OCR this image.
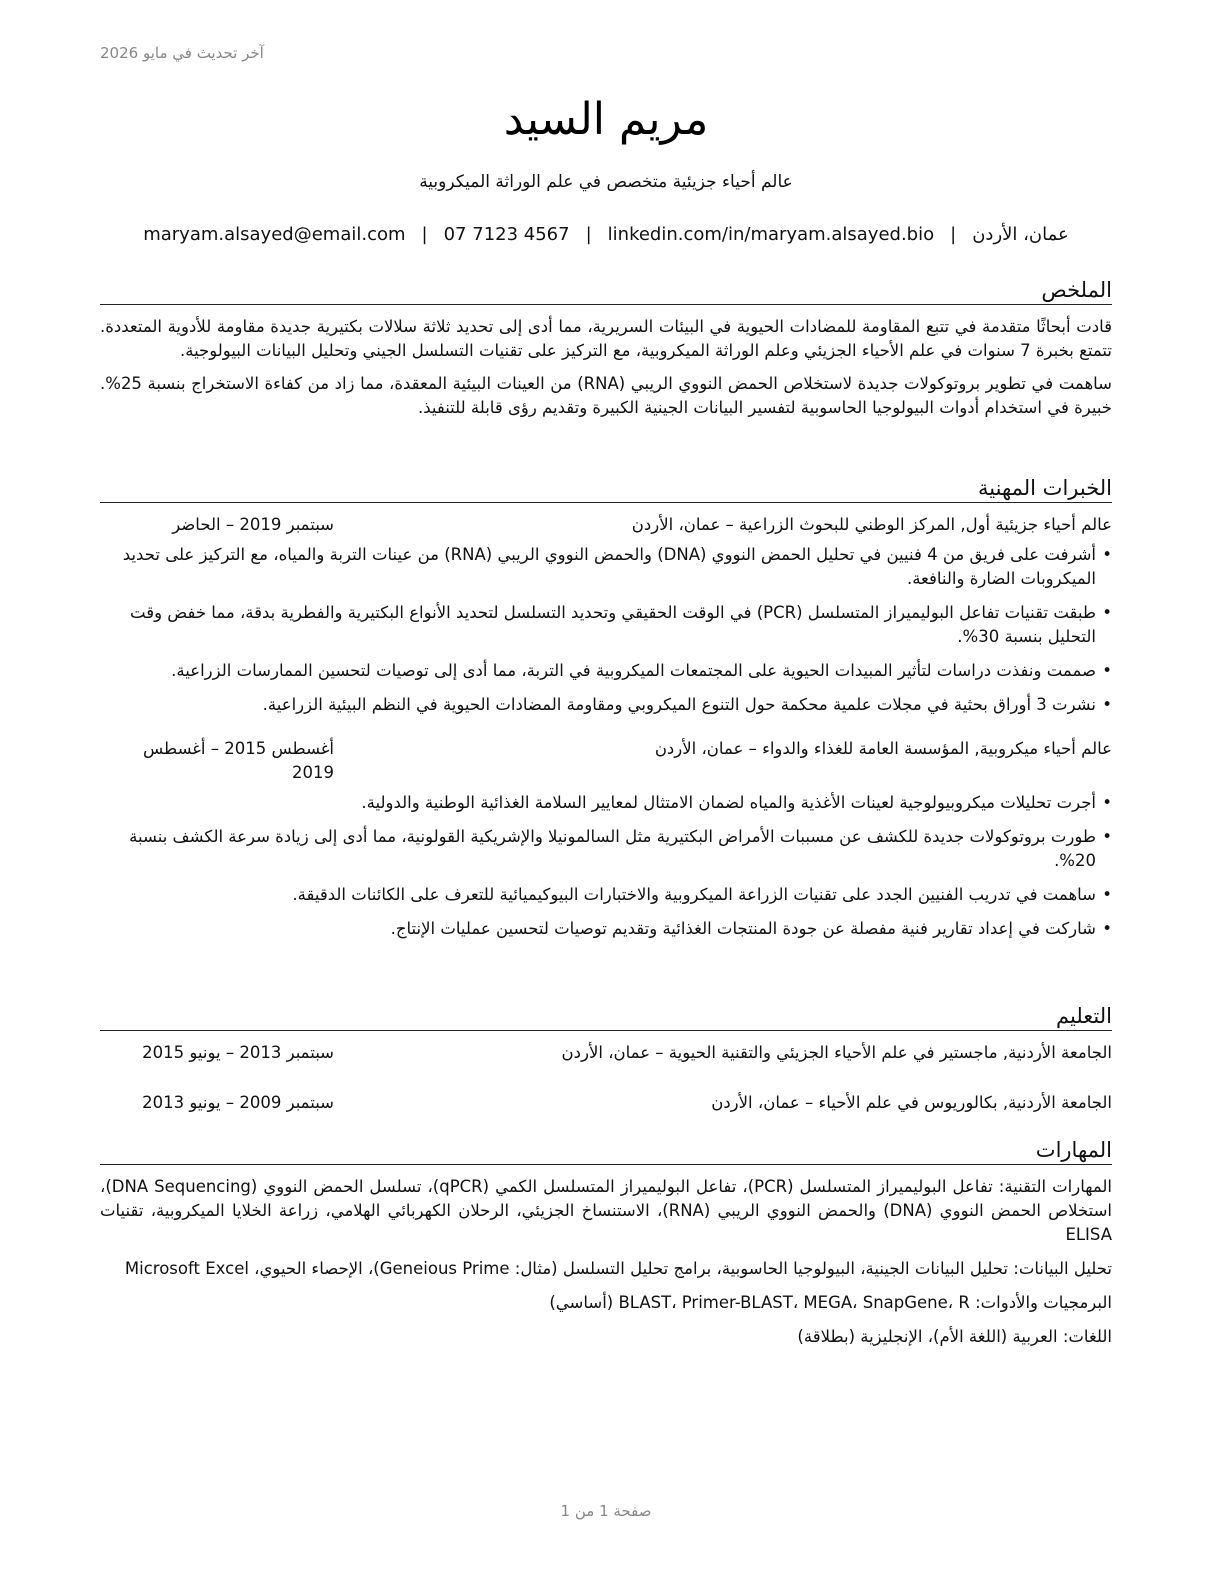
آخر تحديث في مايو 2026
مريم السيد
عالم أحياء جزيئية متخصص في علم الوراثة الميكروبية
عمان، الأردن|maryam.alsayed@email.com | 07 7123 4567 | linkedin.com/in/maryam.alsayed.bio
الملخص

قادت أبحاثًا متقدمة في تتبع المقاومة للمضادات الحيوية في البيئات السريرية، مما أدى إلى تحديد ثلاثة سلالات بكتيرية جديدة مقاومة للأدوية المتعددة. تتمتع بخبرة 7 سنوات في علم الأحياء الجزيئي وعلم الوراثة الميكروبية، مع التركيز على تقنيات التسلسل الجيني وتحليل البيانات البيولوجية.

ساهمت في تطوير بروتوكولات جديدة لاستخلاص الحمض النووي الريبي (RNA) من العينات البيئية المعقدة، مما زاد من كفاءة الاستخراج بنسبة 25%. خبيرة في استخدام أدوات البيولوجيا الحاسوبية لتفسير البيانات الجينية الكبيرة وتقديم رؤى قابلة للتنفيذ.

الخبرات المهنية
عالم أحياء جزيئية أول, المركز الوطني للبحوث الزراعية – عمان، الأردن
سبتمبر 2019 – الحاضر
• أشرفت على فريق من 4 فنيين في تحليل الحمض النووي (DNA) والحمض النووي الريبي (RNA) من عينات التربة والمياه، مع التركيز على تحديد الميكروبات الضارة والنافعة.
• طبقت تقنيات تفاعل البوليميراز المتسلسل (PCR) في الوقت الحقيقي وتحديد التسلسل لتحديد الأنواع البكتيرية والفطرية بدقة، مما خفض وقت التحليل بنسبة 30%.
• صممت ونفذت دراسات لتأثير المبيدات الحيوية على المجتمعات الميكروبية في التربة، مما أدى إلى توصيات لتحسين الممارسات الزراعية.
• نشرت 3 أوراق بحثية في مجلات علمية محكمة حول التنوع الميكروبي ومقاومة المضادات الحيوية في النظم البيئية الزراعية.
عالم أحياء ميكروبية, المؤسسة العامة للغذاء والدواء – عمان، الأردن
أغسطس 2015 – أغسطس 2019
• أجرت تحليلات ميكروبيولوجية لعينات الأغذية والمياه لضمان الامتثال لمعايير السلامة الغذائية الوطنية والدولية.
• طورت بروتوكولات جديدة للكشف عن مسببات الأمراض البكتيرية مثل السالمونيلا والإشريكية القولونية، مما أدى إلى زيادة سرعة الكشف بنسبة 20%.
• ساهمت في تدريب الفنيين الجدد على تقنيات الزراعة الميكروبية والاختبارات البيوكيميائية للتعرف على الكائنات الدقيقة.
• شاركت في إعداد تقارير فنية مفصلة عن جودة المنتجات الغذائية وتقديم توصيات لتحسين عمليات الإنتاج.
التعليم
الجامعة الأردنية, ماجستير في علم الأحياء الجزيئي والتقنية الحيوية – عمان، الأردن
سبتمبر 2013 – يونيو 2015
الجامعة الأردنية, بكالوريوس في علم الأحياء – عمان، الأردن
سبتمبر 2009 – يونيو 2013
المهارات

المهارات التقنية: تفاعل البوليميراز المتسلسل (PCR)، تفاعل البوليميراز المتسلسل الكمي (qPCR)، تسلسل الحمض النووي (DNA Sequencing)، استخلاص الحمض النووي (DNA) والحمض النووي الريبي (RNA)، الاستنساخ الجزيئي، الرحلان الكهربائي الهلامي، زراعة الخلايا الميكروبية، تقنيات ELISA

تحليل البيانات: تحليل البيانات الجينية، البيولوجيا الحاسوبية، برامج تحليل التسلسل (مثال: Geneious Prime)، الإحصاء الحيوي، Microsoft Excel

البرمجيات والأدوات: BLAST، Primer-BLAST، MEGA، SnapGene، R (أساسي)

اللغات: العربية (اللغة الأم)، الإنجليزية (بطلاقة)

صفحة 1 من 1
